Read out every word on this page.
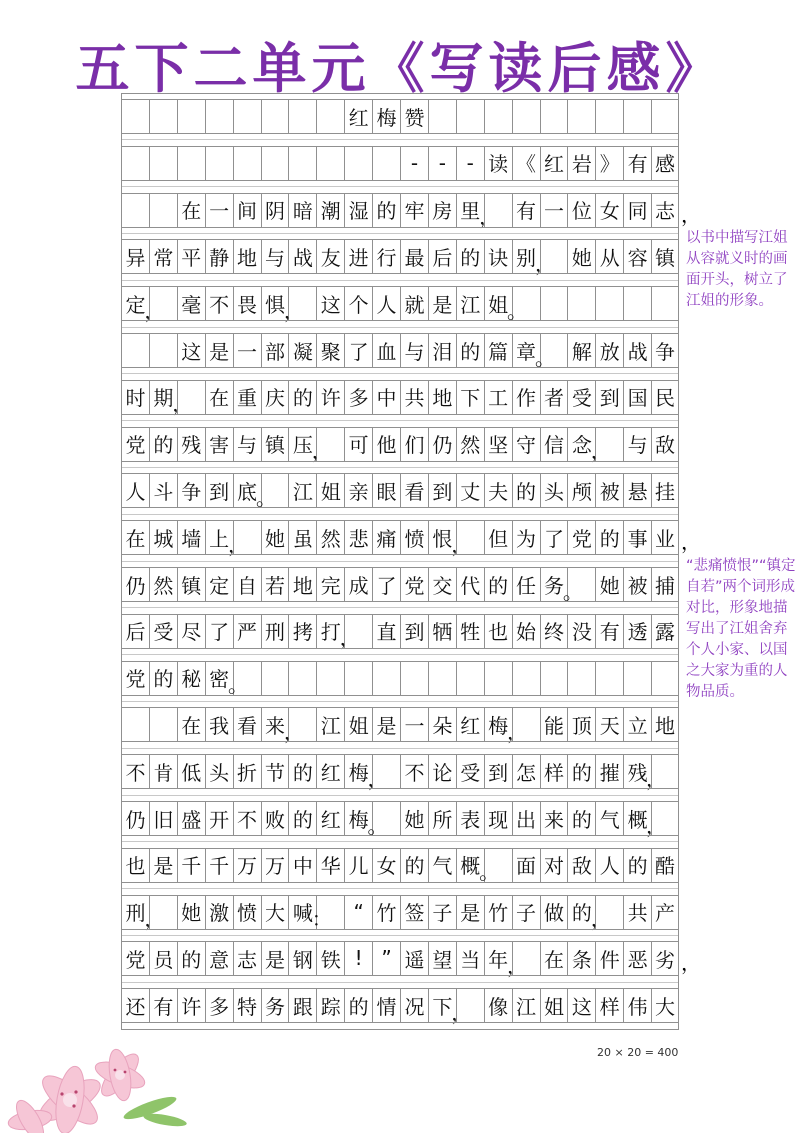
五下二单元《写读后感》
红 梅 赞
-	-	- 读 《 红 岩 》 有 感
在 一 间 阴 暗 潮 湿 的 牢 房 里
， 有 一 位 女 同 志 ，
异 常 平 静 地 与 战 友 进 行 最 后 的 诀 别
， 她 从 容 镇
定
， 毫 不 畏 惧
， 这 个 人 就 是 江 姐
。
这 是 一 部 凝 聚 了 血 与 泪 的 篇 章
。 解 放 战 争
时 期
， 在 重 庆 的 许 多 中 共 地 下 工 作 者 受 到 国 民
党 的 残 害 与 镇 压
， 可 他 们 仍 然 坚 守 信 念
， 与 敌
人 斗 争 到 底
。 江 姐 亲 眼 看 到 丈 夫 的 头 颅 被 悬 挂
在 城 墙 上
， 她 虽 然 悲 痛 愤 恨
， 但 为 了 党 的 事 业 ，
仍 然 镇 定 自 若 地 完 成 了 党 交 代 的 任 务
。 她 被 捕
后 受 尽 了 严 刑 拷 打
， 直 到 牺 牲 也 始 终 没 有 透 露
党 的 秘 密
。
在 我 看 来
， 江 姐 是 一 朵 红 梅
， 能 顶 天 立 地
不 肯 低 头 折 节 的 红 梅
， 不 论 受 到 怎 样 的 摧 残
，
仍 旧 盛 开 不 败 的 红 梅
。 她 所 表 现 出 来 的 气 概
，
也 是 千 千 万 万 中 华 儿 女 的 气 概
。 面 对 敌 人 的 酷
刑
， 她 激 愤 大 喊
：	“ 竹 签 子 是 竹 子 做 的
， 共 产
党 员 的 意 志 是 钢 铁 ! ” 遥 望 当 年
， 在 条 件 恶 劣 ，
还 有 许 多 特 务 跟 踪 的 情 况 下
， 像 江 姐 这 样 伟 大
以书中描写江姐从容就义时的画面开头，树立了江姐的形象。
“悲痛愤恨”“镇定自若”两个词形成对比，形象地描写出了江姐舍弃个人小家、以国之大家为重的人物品质。
20 × 20 = 400
